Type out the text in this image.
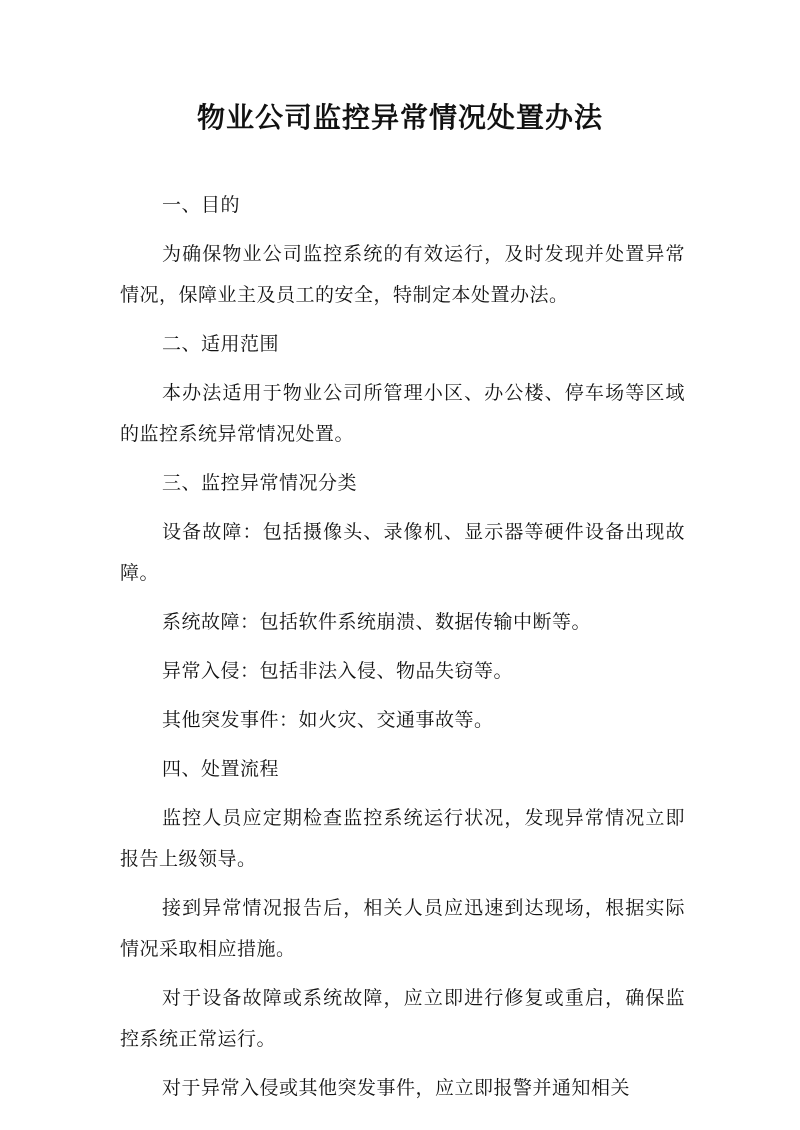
物业公司监控异常情况处置办法

一、目的

为确保物业公司监控系统的有效运行，及时发现并处置异常情况，保障业主及员工的安全，特制定本处置办法。

二、适用范围

本办法适用于物业公司所管理小区、办公楼、停车场等区域的监控系统异常情况处置。

三、监控异常情况分类

设备故障：包括摄像头、录像机、显示器等硬件设备出现故障。

系统故障：包括软件系统崩溃、数据传输中断等。

异常入侵：包括非法入侵、物品失窃等。

其他突发事件：如火灾、交通事故等。

四、处置流程

监控人员应定期检查监控系统运行状况，发现异常情况立即报告上级领导。

接到异常情况报告后，相关人员应迅速到达现场，根据实际情况采取相应措施。

对于设备故障或系统故障，应立即进行修复或重启，确保监控系统正常运行。

对于异常入侵或其他突发事件，应立即报警并通知相关
